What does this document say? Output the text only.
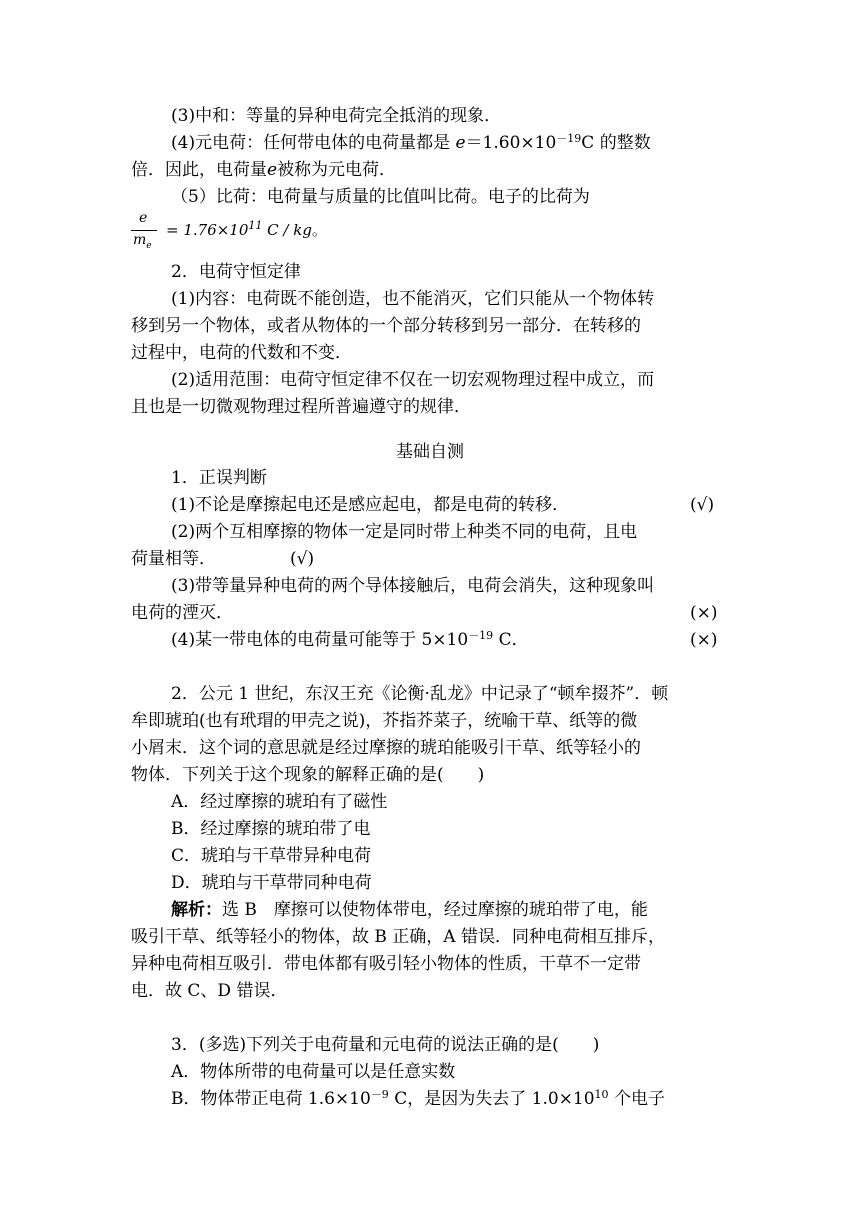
(3)中和：等量的异种电荷完全抵消的现象．
(4)元电荷：任何带电体的电荷量都是 $e=1.60\times 10^{-19}C$ 的整数
倍．因此，电荷量e被称为元电荷．
（5）比荷：电荷量与质量的比值叫比荷。电子的比荷为
e
$m_e$
= $1.76\times 10^{11}$ C / kg。
2．电荷守恒定律
(1)内容：电荷既不能创造，也不能消灭，它们只能从一个物体转
移到另一个物体，或者从物体的一个部分转移到另一部分．在转移的
过程中，电荷的代数和不变．
(2)适用范围：电荷守恒定律不仅在一切宏观物理过程中成立，而
且也是一切微观物理过程所普遍遵守的规律．
基础自测
1．正误判断
(1)不论是摩擦起电还是感应起电，都是电荷的转移．	(√)
(2)两个互相摩擦的物体一定是同时带上种类不同的电荷，且电
荷量相等．	(√)
(3)带等量异种电荷的两个导体接触后，电荷会消失，这种现象叫
电荷的湮灭．	(×)
(4)某一带电体的电荷量可能等于 $5\times 10^{-19}$ C．	(×)
2．公元 1 世纪，东汉王充《论衡·乱龙》中记录了“顿牟掇芥”．顿
牟即琥珀(也有玳瑁的甲壳之说)，芥指芥菜子，统喻干草、纸等的微
小屑末．这个词的意思就是经过摩擦的琥珀能吸引干草、纸等轻小的
物体．下列关于这个现象的解释正确的是(　　)
A．经过摩擦的琥珀有了磁性
B．经过摩擦的琥珀带了电
C．琥珀与干草带异种电荷
D．琥珀与干草带同种电荷
解析：选 B　摩擦可以使物体带电，经过摩擦的琥珀带了电，能
吸引干草、纸等轻小的物体，故 B 正确，A 错误．同种电荷相互排斥，
异种电荷相互吸引．带电体都有吸引轻小物体的性质，干草不一定带
电．故 C、D 错误．
3．(多选)下列关于电荷量和元电荷的说法正确的是(　　)
A．物体所带的电荷量可以是任意实数
B．物体带正电荷 $1.6\times 10^{-9}$ C，是因为失去了 $1.0\times 10^{10}$ 个电子
